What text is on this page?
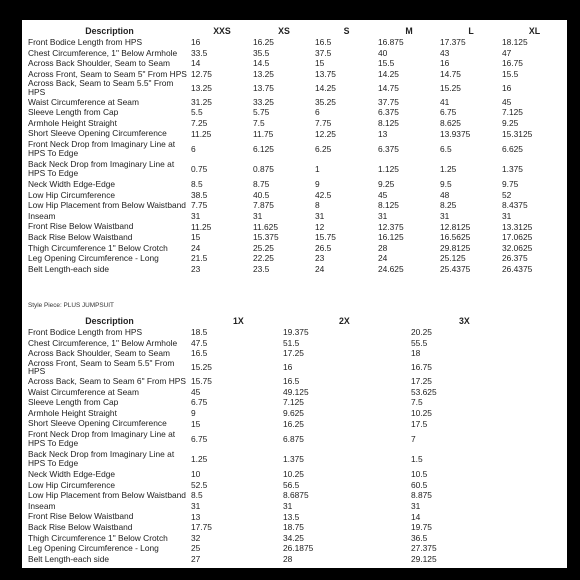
Description	XXS	XS	S	M	L	XL
Front Bodice Length from HPS	16	16.25	16.5	16.875	17.375	18.125
Chest Circumference, 1" Below Armhole	33.5	35.5	37.5	40	43	47
Across Back Shoulder, Seam to Seam	14	14.5	15	15.5	16	16.75
Across Front, Seam to Seam 5" From HPS	12.75	13.25	13.75	14.25	14.75	15.5
Across Back, Seam to Seam 5.5" From HPS	13.25	13.75	14.25	14.75	15.25	16
Waist Circumference at Seam	31.25	33.25	35.25	37.75	41	45
Sleeve Length from Cap	5.5	5.75	6	6.375	6.75	7.125
Armhole Height Straight	7.25	7.5	7.75	8.125	8.625	9.25
Short Sleeve Opening Circumference	11.25	11.75	12.25	13	13.9375	15.3125
Front Neck Drop from Imaginary Line at HPS To Edge	6	6.125	6.25	6.375	6.5	6.625
Back Neck Drop from Imaginary Line at HPS To Edge	0.75	0.875	1	1.125	1.25	1.375
Neck Width Edge-Edge	8.5	8.75	9	9.25	9.5	9.75
Low Hip Circumference	38.5	40.5	42.5	45	48	52
Low Hip Placement from Below Waistband	7.75	7.875	8	8.125	8.25	8.4375
Inseam	31	31	31	31	31	31
Front Rise Below Waistband	11.25	11.625	12	12.375	12.8125	13.3125
Back Rise Below Waistband	15	15.375	15.75	16.125	16.5625	17.0625
Thigh Circumference 1" Below Crotch	24	25.25	26.5	28	29.8125	32.0625
Leg Opening Circumference - Long	21.5	22.25	23	24	25.125	26.375
Belt Length-each side	23	23.5	24	24.625	25.4375	26.4375
Style Piece: PLUS JUMPSUIT
Description	1X	2X	3X
Front Bodice Length from HPS	18.5	19.375	20.25
Chest Circumference, 1" Below Armhole	47.5	51.5	55.5
Across Back Shoulder, Seam to Seam	16.5	17.25	18
Across Front, Seam to Seam 5.5" From HPS	15.25	16	16.75
Across Back, Seam to Seam 6" From HPS	15.75	16.5	17.25
Waist Circumference at Seam	45	49.125	53.625
Sleeve Length from Cap	6.75	7.125	7.5
Armhole Height Straight	9	9.625	10.25
Short Sleeve Opening Circumference	15	16.25	17.5
Front Neck Drop from Imaginary Line at HPS To Edge	6.75	6.875	7
Back Neck Drop from Imaginary Line at HPS To Edge	1.25	1.375	1.5
Neck Width Edge-Edge	10	10.25	10.5
Low Hip Circumference	52.5	56.5	60.5
Low Hip Placement from Below Waistband	8.5	8.6875	8.875
Inseam	31	31	31
Front Rise Below Waistband	13	13.5	14
Back Rise Below Waistband	17.75	18.75	19.75
Thigh Circumference 1" Below Crotch	32	34.25	36.5
Leg Opening Circumference - Long	25	26.1875	27.375
Belt Length-each side	27	28	29.125
